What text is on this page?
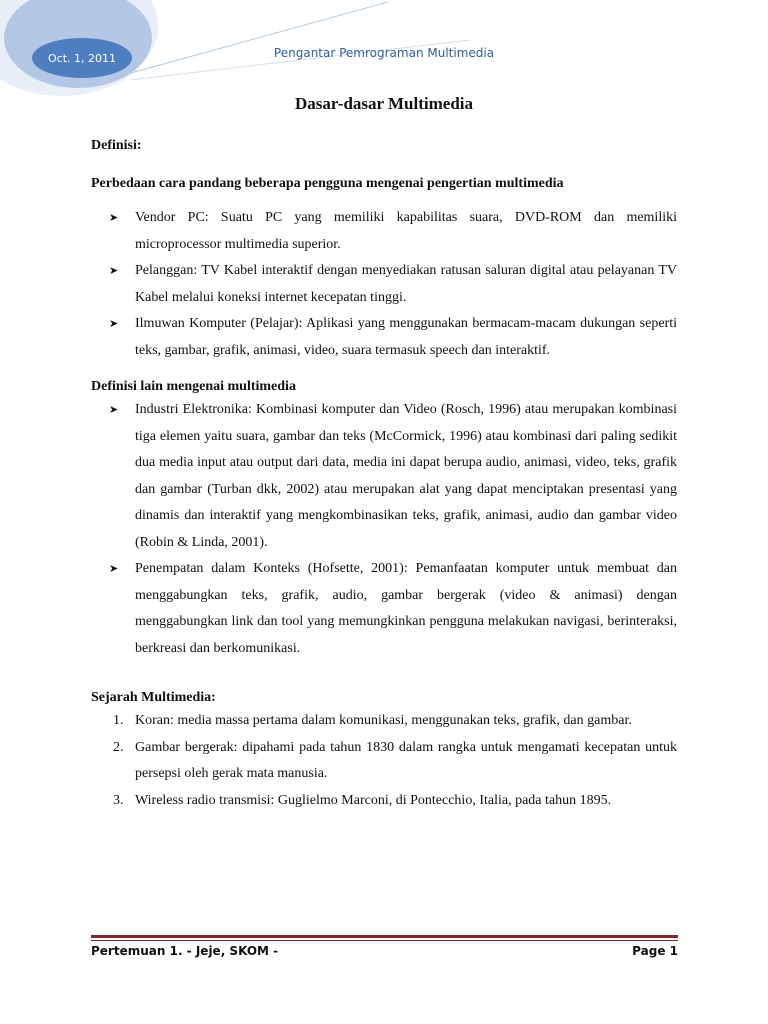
Oct. 1, 2011	Pengantar Pemrograman Multimedia
Dasar-dasar Multimedia

Definisi:

Perbedaan cara pandang beberapa pengguna mengenai pengertian multimedia

➤ Vendor PC: Suatu PC yang memiliki kapabilitas suara, DVD-ROM dan memiliki microprocessor multimedia superior.
➤ Pelanggan: TV Kabel interaktif dengan menyediakan ratusan saluran digital atau pelayanan TV Kabel melalui koneksi internet kecepatan tinggi.
➤ Ilmuwan Komputer (Pelajar): Aplikasi yang menggunakan bermacam-macam dukungan seperti teks, gambar, grafik, animasi, video, suara termasuk speech dan interaktif.

Definisi lain mengenai multimedia

➤ Industri Elektronika: Kombinasi komputer dan Video (Rosch, 1996) atau merupakan kombinasi tiga elemen yaitu suara, gambar dan teks (McCormick, 1996) atau kombinasi dari paling sedikit dua media input atau output dari data, media ini dapat berupa audio, animasi, video, teks, grafik dan gambar (Turban dkk, 2002) atau merupakan alat yang dapat menciptakan presentasi yang dinamis dan interaktif yang mengkombinasikan teks, grafik, animasi, audio dan gambar video (Robin & Linda, 2001).
➤ Penempatan dalam Konteks (Hofsette, 2001): Pemanfaatan komputer untuk membuat dan menggabungkan teks, grafik, audio, gambar bergerak (video & animasi) dengan menggabungkan link dan tool yang memungkinkan pengguna melakukan navigasi, berinteraksi, berkreasi dan berkomunikasi.

Sejarah Multimedia:

1. Koran: media massa pertama dalam komunikasi, menggunakan teks, grafik, dan gambar.
2. Gambar bergerak: dipahami pada tahun 1830 dalam rangka untuk mengamati kecepatan untuk persepsi oleh gerak mata manusia.
3. Wireless radio transmisi: Guglielmo Marconi, di Pontecchio, Italia, pada tahun 1895.
Pertemuan 1. - Jeje, SKOM -	Page 1
